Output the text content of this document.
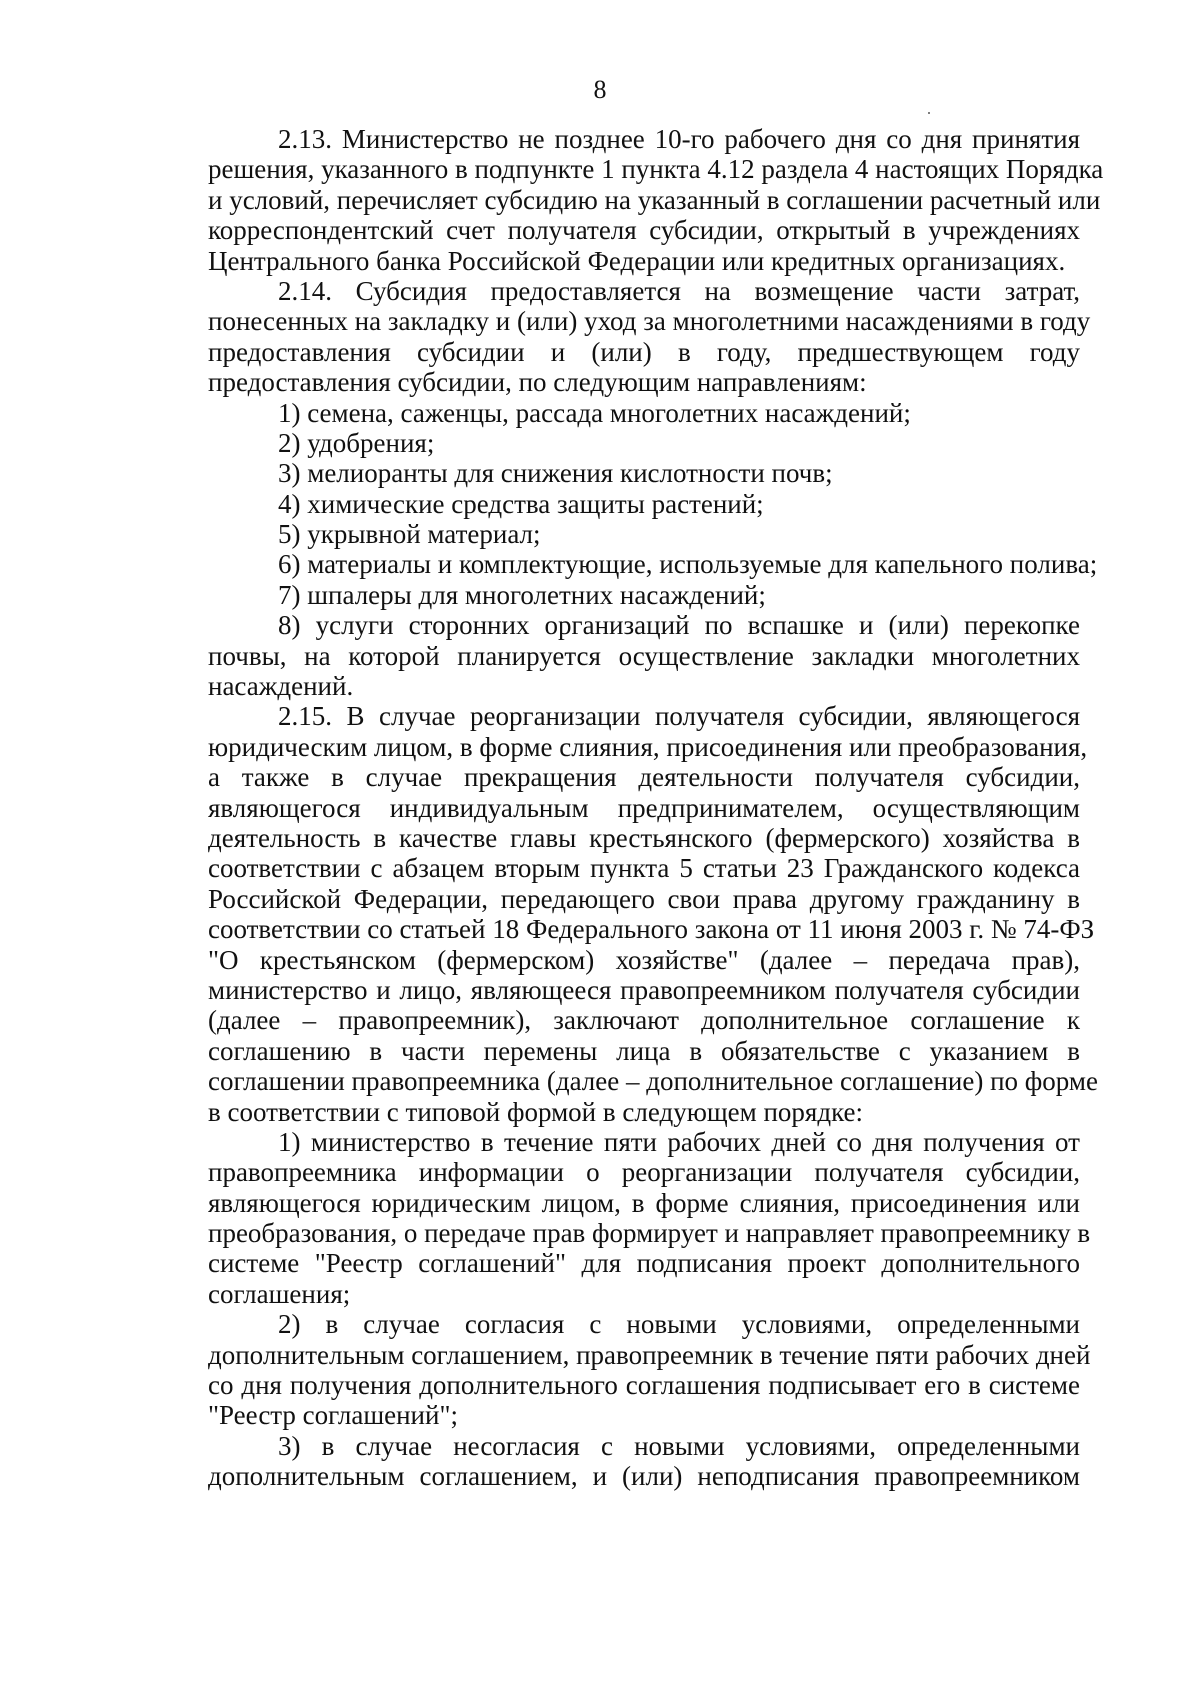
8
2.13. Министерство не позднее 10-го рабочего дня со дня принятия
решения, указанного в подпункте 1 пункта 4.12 раздела 4 настоящих Порядка
и условий, перечисляет субсидию на указанный в соглашении расчетный или
корреспондентский счет получателя субсидии, открытый в учреждениях
Центрального банка Российской Федерации или кредитных организациях.
2.14. Субсидия предоставляется на возмещение части затрат,
понесенных на закладку и (или) уход за многолетними насаждениями в году
предоставления субсидии и (или) в году, предшествующем году
предоставления субсидии, по следующим направлениям:
1) семена, саженцы, рассада многолетних насаждений;
2) удобрения;
3) мелиоранты для снижения кислотности почв;
4) химические средства защиты растений;
5) укрывной материал;
6) материалы и комплектующие, используемые для капельного полива;
7) шпалеры для многолетних насаждений;
8) услуги сторонних организаций по вспашке и (или) перекопке
почвы, на которой планируется осуществление закладки многолетних
насаждений.
2.15. В случае реорганизации получателя субсидии, являющегося
юридическим лицом, в форме слияния, присоединения или преобразования,
а также в случае прекращения деятельности получателя субсидии,
являющегося индивидуальным предпринимателем, осуществляющим
деятельность в качестве главы крестьянского (фермерского) хозяйства в
соответствии с абзацем вторым пункта 5 статьи 23 Гражданского кодекса
Российской Федерации, передающего свои права другому гражданину в
соответствии со статьей 18 Федерального закона от 11 июня 2003 г. № 74-ФЗ
"О крестьянском (фермерском) хозяйстве" (далее – передача прав),
министерство и лицо, являющееся правопреемником получателя субсидии
(далее – правопреемник), заключают дополнительное соглашение к
соглашению в части перемены лица в обязательстве с указанием в
соглашении правопреемника (далее – дополнительное соглашение) по форме
в соответствии с типовой формой в следующем порядке:
1) министерство в течение пяти рабочих дней со дня получения от
правопреемника информации о реорганизации получателя субсидии,
являющегося юридическим лицом, в форме слияния, присоединения или
преобразования, о передаче прав формирует и направляет правопреемнику в
системе "Реестр соглашений" для подписания проект дополнительного
соглашения;
2) в случае согласия с новыми условиями, определенными
дополнительным соглашением, правопреемник в течение пяти рабочих дней
со дня получения дополнительного соглашения подписывает его в системе
"Реестр соглашений";
3) в случае несогласия с новыми условиями, определенными
дополнительным соглашением, и (или) неподписания правопреемником
